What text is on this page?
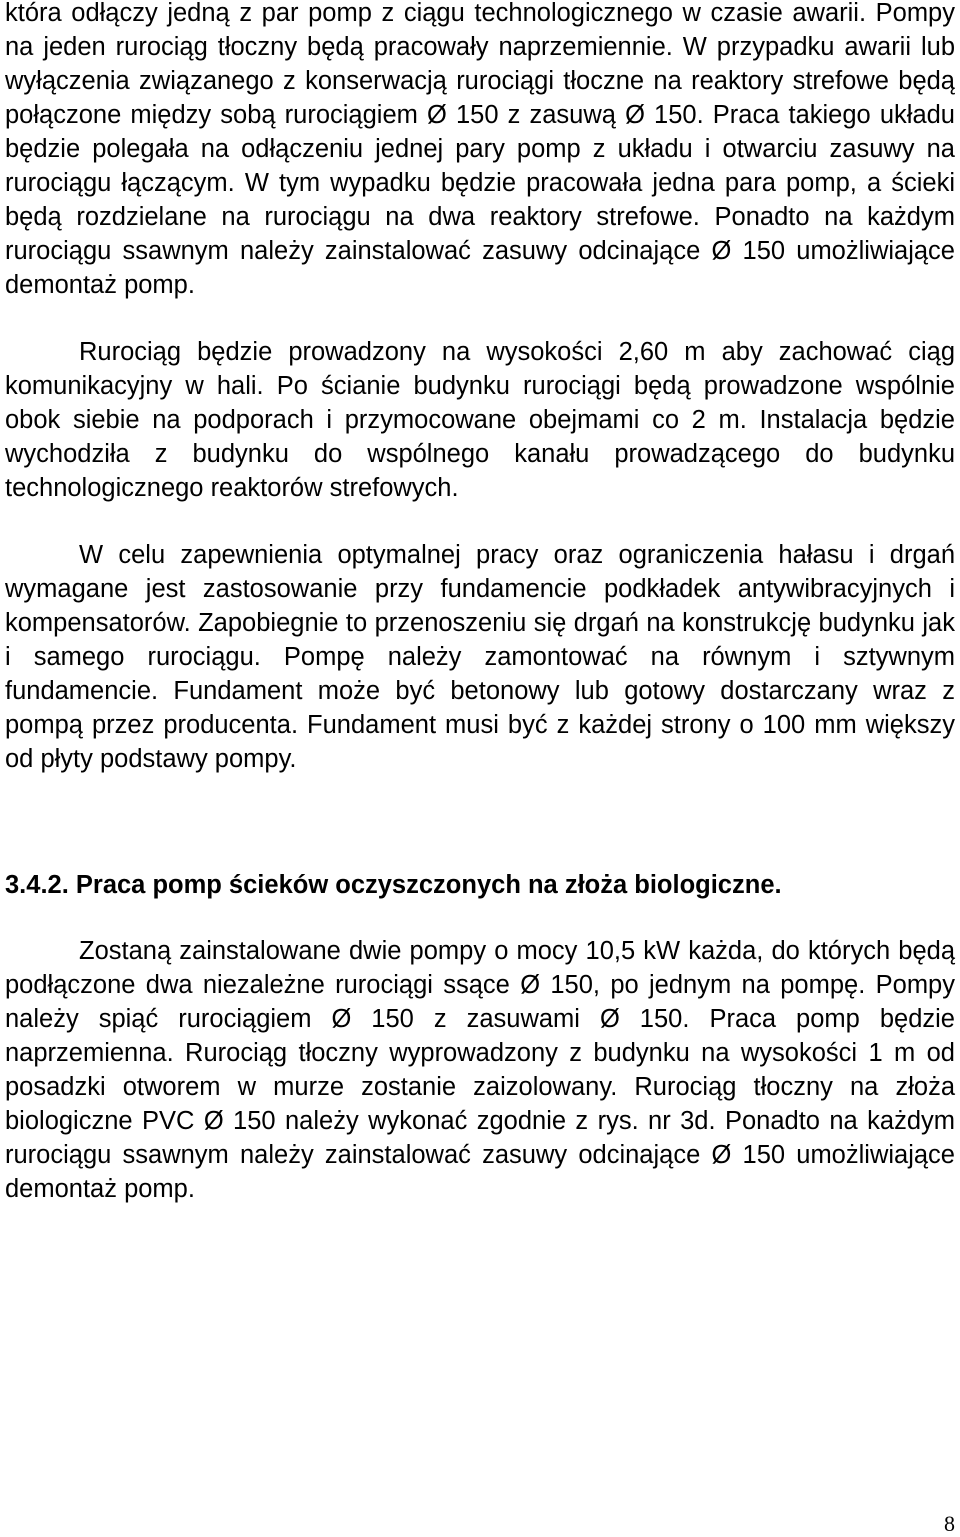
która odłączy jedną z par pomp z ciągu technologicznego w czasie awarii. Pompy na jeden rurociąg tłoczny będą pracowały naprzemiennie. W przypadku awarii lub wyłączenia związanego z konserwacją rurociągi tłoczne na reaktory strefowe będą połączone między sobą rurociągiem Ø 150 z zasuwą Ø 150. Praca takiego układu będzie polegała na odłączeniu jednej pary pomp z układu i otwarciu zasuwy na rurociągu łączącym. W tym wypadku będzie pracowała jedna para pomp, a ścieki będą rozdzielane na rurociągu na dwa reaktory strefowe. Ponadto na każdym rurociągu ssawnym należy zainstalować zasuwy odcinające Ø 150 umożliwiające demontaż pomp.

Rurociąg będzie prowadzony na wysokości 2,60 m aby zachować ciąg komunikacyjny w hali. Po ścianie budynku rurociągi będą prowadzone wspólnie obok siebie na podporach i przymocowane obejmami co 2 m. Instalacja będzie wychodziła z budynku do wspólnego kanału prowadzącego do budynku technologicznego reaktorów strefowych.

W celu zapewnienia optymalnej pracy oraz ograniczenia hałasu i drgań wymagane jest zastosowanie przy fundamencie podkładek antywibracyjnych i kompensatorów. Zapobiegnie to przenoszeniu się drgań na konstrukcję budynku jak i samego rurociągu. Pompę należy zamontować na równym i sztywnym fundamencie. Fundament może być betonowy lub gotowy dostarczany wraz z pompą przez producenta. Fundament musi być z każdej strony o 100 mm większy od płyty podstawy pompy.

3.4.2. Praca pomp ścieków oczyszczonych na złoża biologiczne.

Zostaną zainstalowane dwie pompy o mocy 10,5 kW każda, do których będą podłączone dwa niezależne rurociągi ssące Ø 150, po jednym na pompę. Pompy należy spiąć rurociągiem Ø 150 z zasuwami Ø 150. Praca pomp będzie naprzemienna. Rurociąg tłoczny wyprowadzony z budynku na wysokości 1 m od posadzki otworem w murze zostanie zaizolowany. Rurociąg tłoczny na złoża biologiczne PVC Ø 150 należy wykonać zgodnie z rys. nr 3d. Ponadto na każdym rurociągu ssawnym należy zainstalować zasuwy odcinające Ø 150 umożliwiające demontaż pomp.

8
